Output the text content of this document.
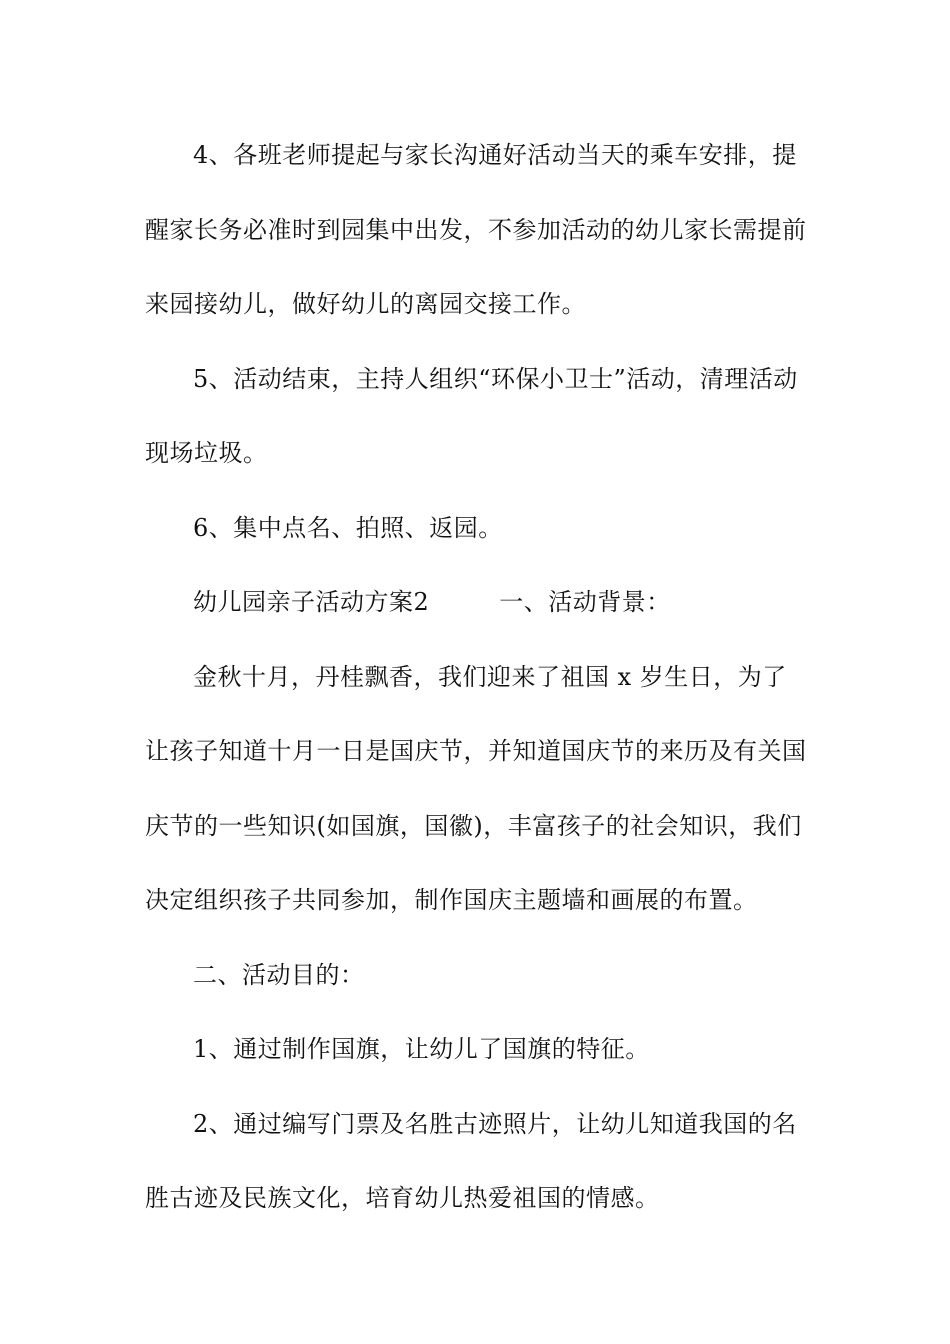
4、各班老师提起与家长沟通好活动当天的乘车安排，提醒家长务必准时到园集中出发，不参加活动的幼儿家长需提前来园接幼儿，做好幼儿的离园交接工作。

5、活动结束，主持人组织“环保小卫士”活动，清理活动现场垃圾。

6、集中点名、拍照、返园。

幼儿园亲子活动方案2	一、活动背景：

金秋十月，丹桂飘香，我们迎来了祖国 x 岁生日，为了让孩子知道十月一日是国庆节，并知道国庆节的来历及有关国庆节的一些知识(如国旗，国徽)，丰富孩子的社会知识，我们决定组织孩子共同参加，制作国庆主题墙和画展的布置。

二、活动目的：

1、通过制作国旗，让幼儿了国旗的特征。

2、通过编写门票及名胜古迹照片，让幼儿知道我国的名胜古迹及民族文化，培育幼儿热爱祖国的情感。
